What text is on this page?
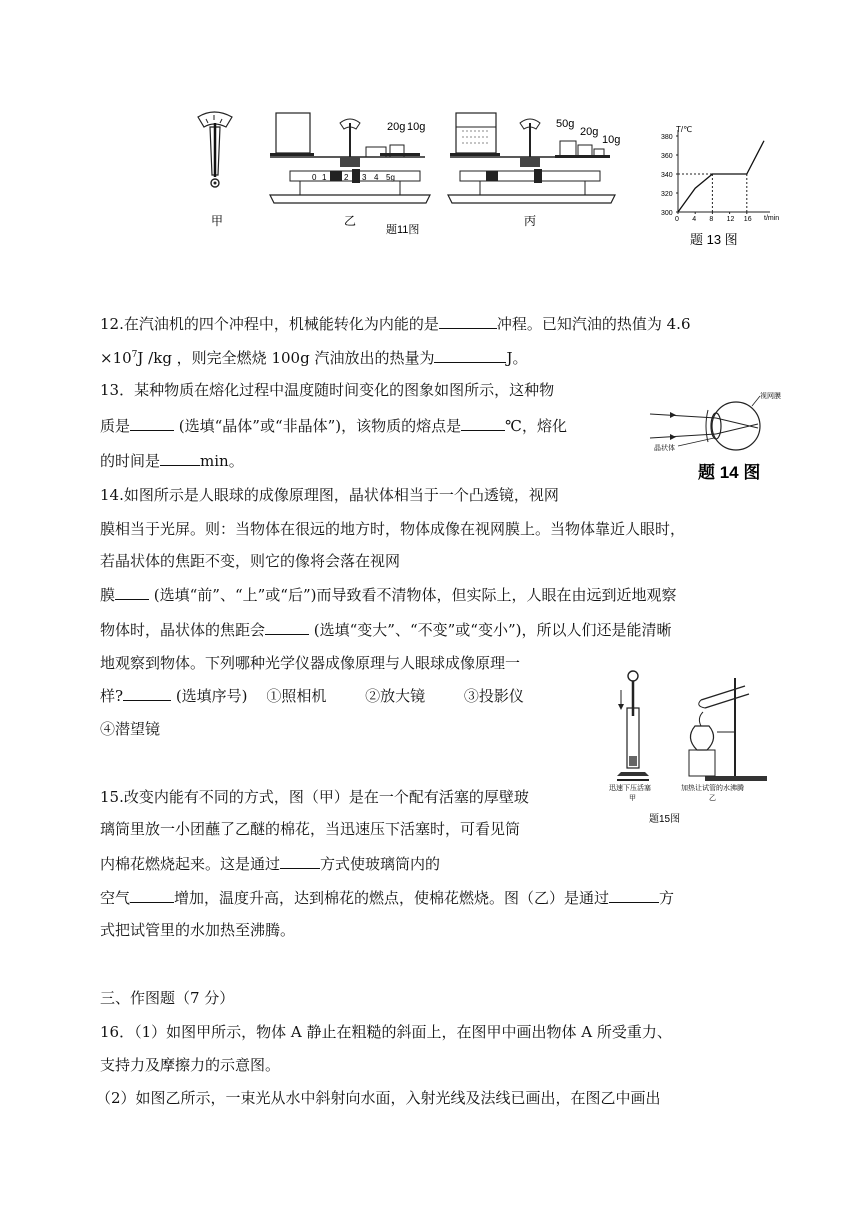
20g 10g	50g
20g
10g
0 1 2 3 4 5g
甲	乙	丙
题11图
T/℃
t/min
题 13 图
300
320
340
360
380
0 4 8 12 16
12.在汽油机的四个冲程中，机械能转化为内能的是	冲程。已知汽油的热值为 4.6
$\times 10^7J$ /kg ，则完全燃烧 100g 汽油放出的热量为	J。
13．某种物质在熔化过程中温度随时间变化的图象如图所示，这种物
质是	(选填“晶体”或“非晶体”)，该物质的熔点是	℃，熔化
的时间是	min。
视网膜
晶状体
题 14 图
14.如图所示是人眼球的成像原理图，晶状体相当于一个凸透镜，视网
膜相当于光屏。则：当物体在很远的地方时，物体成像在视网膜上。当物体靠近人眼时，
若晶状体的焦距不变，则它的像将会落在视网
膜 (选填“前”、“上”或“后”)而导致看不清物体，但实际上，人眼在由远到近地观察
物体时，晶状体的焦距会	(选填“变大”、“不变”或“变小”)，所以人们还是能清晰
地观察到物体。下列哪种光学仪器成像原理与人眼球成像原理一
样?	(选填序号) ①照相机	②放大镜	③投影仪
④潜望镜
迅速下压活塞
甲
加热让试管的水沸腾
乙
题15图
15.改变内能有不同的方式，图（甲）是在一个配有活塞的厚壁玻
璃筒里放一小团蘸了乙醚的棉花，当迅速压下活塞时，可看见筒
内棉花燃烧起来。这是通过	方式使玻璃筒内的
空气	增加，温度升高，达到棉花的燃点，使棉花燃烧。图（乙）是通过	方
式把试管里的水加热至沸腾。
三、作图题（7 分）
16．（1）如图甲所示，物体 A 静止在粗糙的斜面上，在图甲中画出物体 A 所受重力、
支持力及摩擦力的示意图。
（2）如图乙所示，一束光从水中斜射向水面，入射光线及法线已画出，在图乙中画出
